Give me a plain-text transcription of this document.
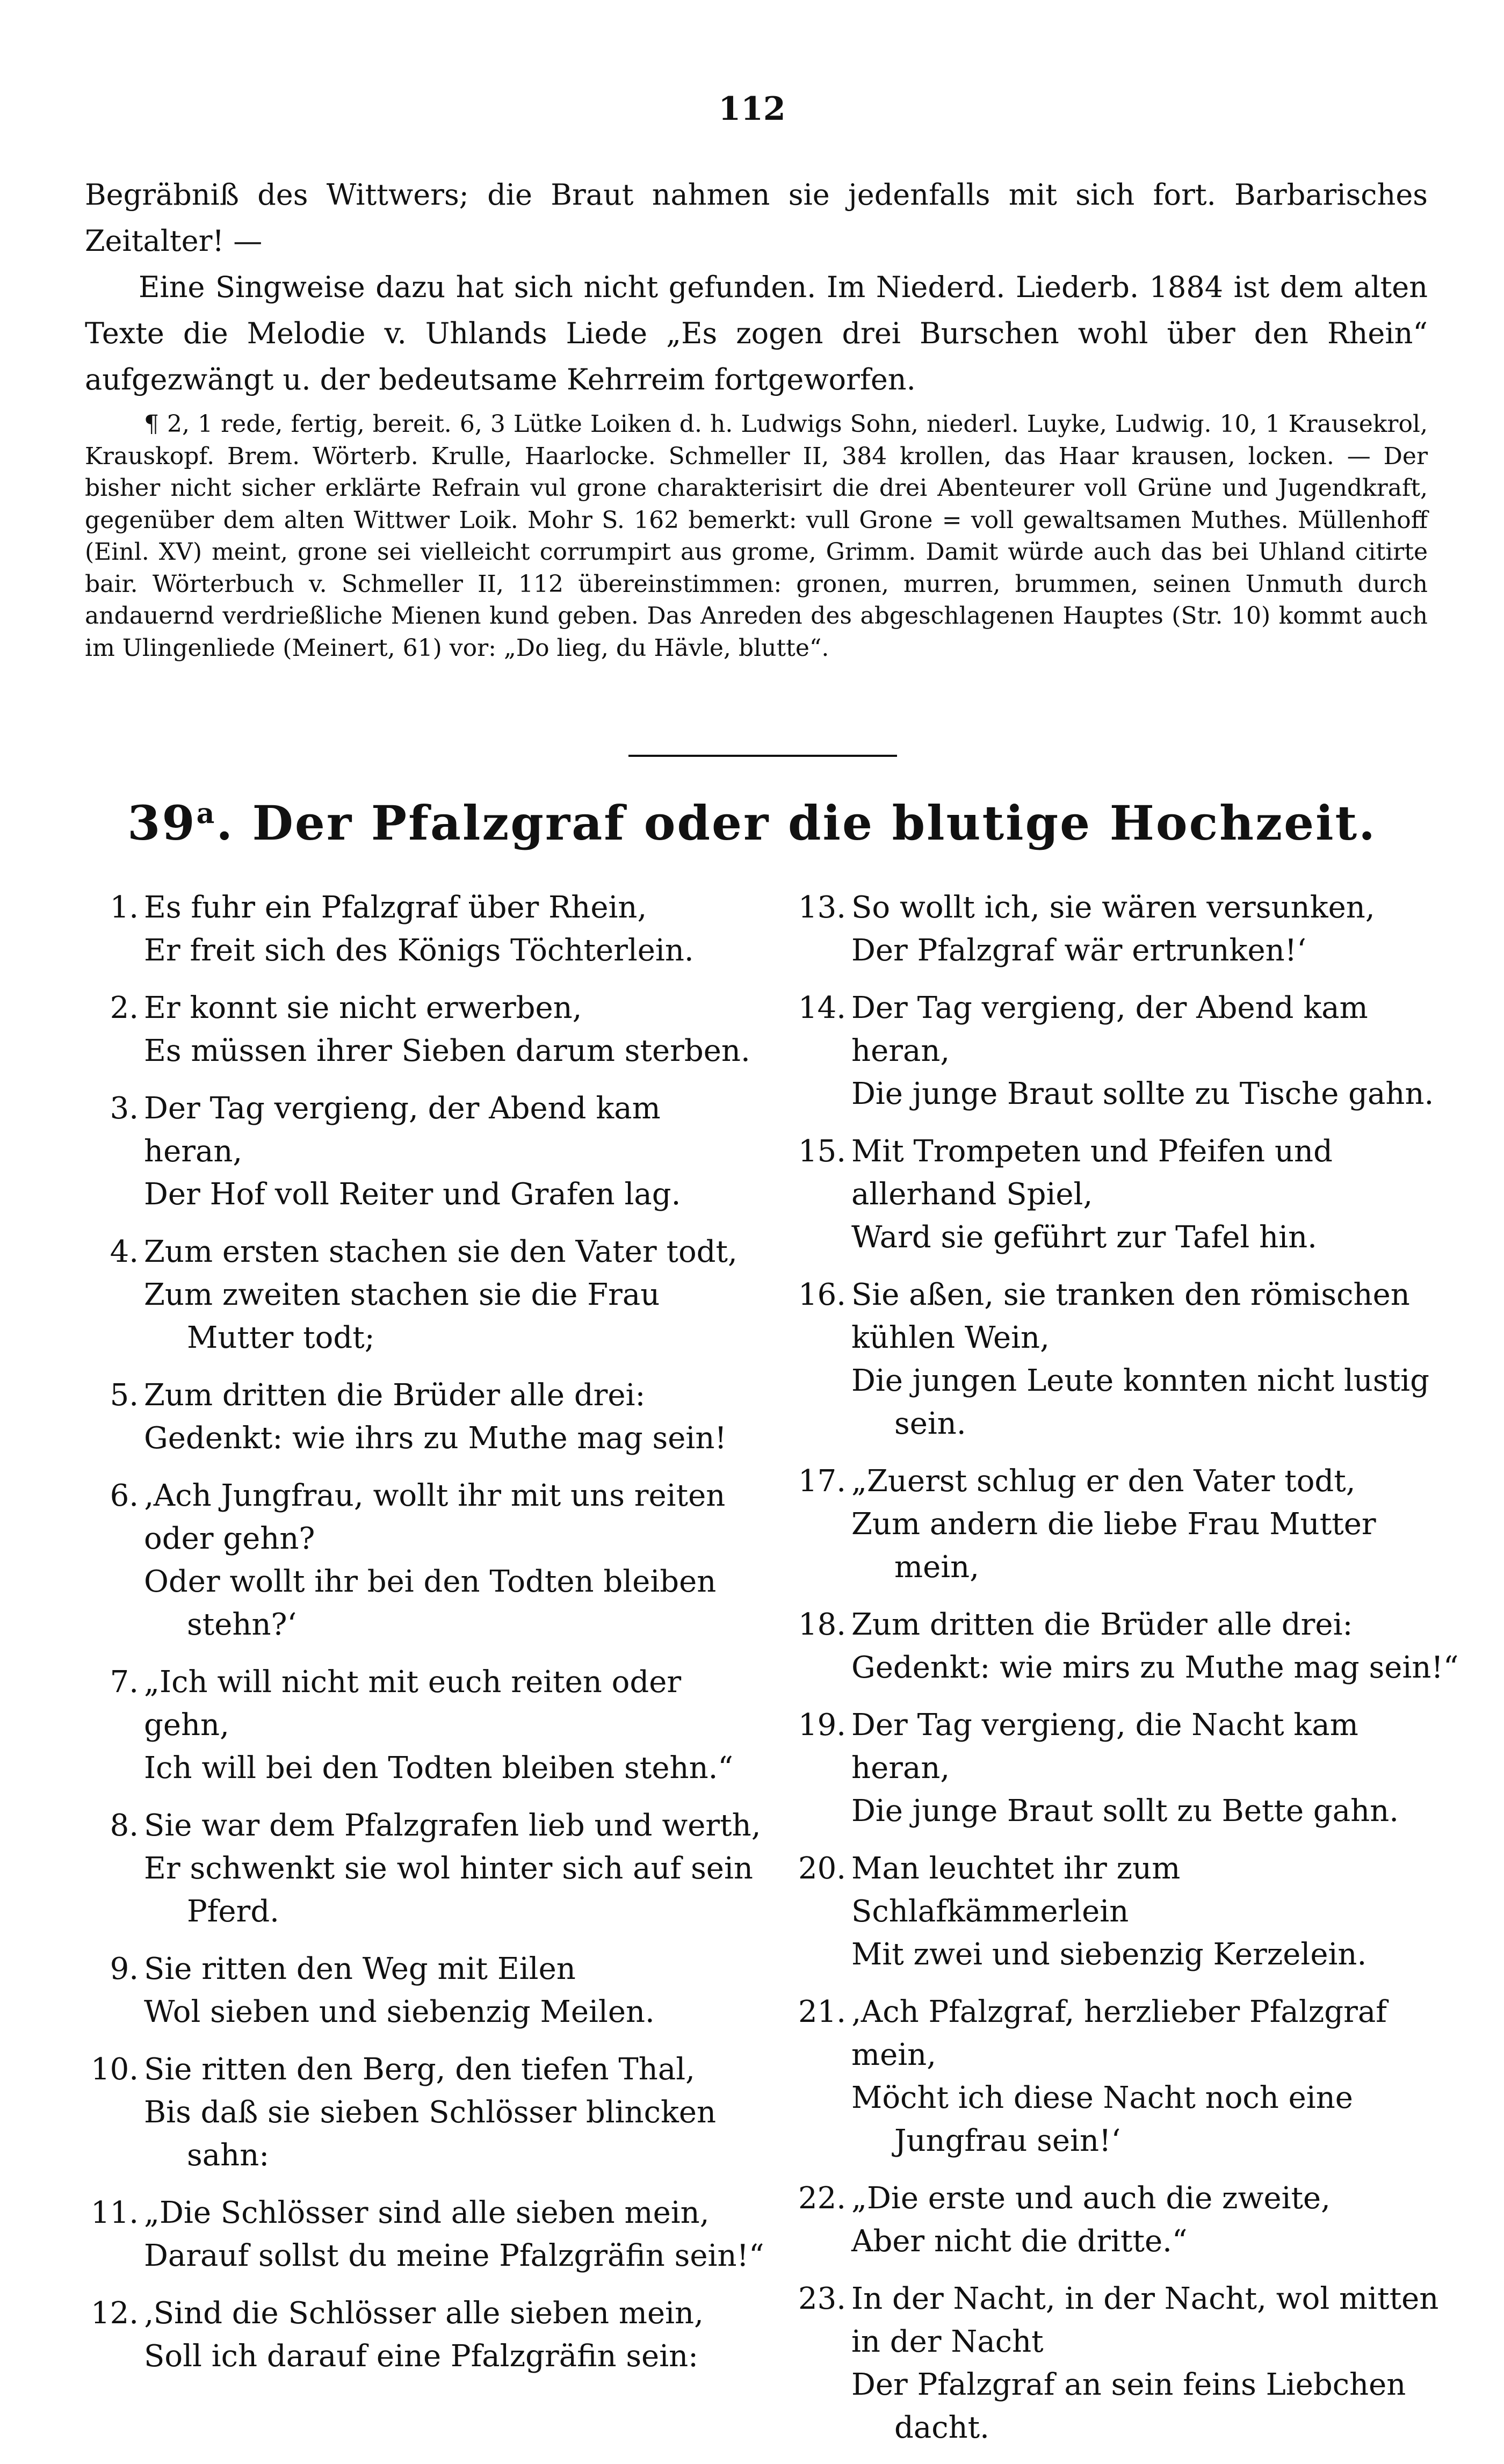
112

Begräbniß des Wittwers; die Braut nahmen sie jedenfalls mit sich fort. Barbarisches Zeitalter! —

Eine Singweise dazu hat sich nicht gefunden. Im Niederd. Liederb. 1884 ist dem alten Texte die Melodie v. Uhlands Liede „Es zogen drei Burschen wohl über den Rhein“ aufgezwängt u. der bedeutsame Kehrreim fortgeworfen.

¶ 2, 1 rede, fertig, bereit. 6, 3 Lütke Loiken d. h. Ludwigs Sohn, niederl. Luyke, Ludwig. 10, 1 Krausekrol, Krauskopf. Brem. Wörterb. Krulle, Haarlocke. Schmeller II, 384 krollen, das Haar krausen, locken. — Der bisher nicht sicher erklärte Refrain vul grone charakterisirt die drei Abenteurer voll Grüne und Jugendkraft, gegenüber dem alten Wittwer Loik. Mohr S. 162 bemerkt: vull Grone = voll gewaltsamen Muthes. Müllenhoff (Einl. XV) meint, grone sei vielleicht corrumpirt aus grome, Grimm. Damit würde auch das bei Uhland citirte bair. Wörterbuch v. Schmeller II, 112 übereinstimmen: gronen, murren, brummen, seinen Unmuth durch andauernd verdrießliche Mienen kund geben. Das Anreden des abgeschlagenen Hauptes (Str. 10) kommt auch im Ulingenliede (Meinert, 61) vor: „Do lieg, du Hävle, blutte“.

39$^a$. Der Pfalzgraf oder die blutige Hochzeit.
1. Es fuhr ein Pfalzgraf über Rhein,
Er freit sich des Königs Töchterlein.
2. Er konnt sie nicht erwerben,
Es müssen ihrer Sieben darum sterben.
3. Der Tag vergieng, der Abend kam heran,
Der Hof voll Reiter und Grafen lag.
4. Zum ersten stachen sie den Vater todt,
Zum zweiten stachen sie die Frau Mutter todt;
5. Zum dritten die Brüder alle drei:
Gedenkt: wie ihrs zu Muthe mag sein!
6. ‚Ach Jungfrau, wollt ihr mit uns reiten oder gehn?
Oder wollt ihr bei den Todten bleiben stehn?‘
7. „Ich will nicht mit euch reiten oder gehn,
Ich will bei den Todten bleiben stehn.“
8. Sie war dem Pfalzgrafen lieb und werth,
Er schwenkt sie wol hinter sich auf sein Pferd.
9. Sie ritten den Weg mit Eilen
Wol sieben und siebenzig Meilen.
10. Sie ritten den Berg, den tiefen Thal,
Bis daß sie sieben Schlösser blincken sahn:
11. „Die Schlösser sind alle sieben mein,
Darauf sollst du meine Pfalzgräfin sein!“
12. ‚Sind die Schlösser alle sieben mein,
Soll ich darauf eine Pfalzgräfin sein:
13. So wollt ich, sie wären versunken,
Der Pfalzgraf wär ertrunken!‘
14. Der Tag vergieng, der Abend kam heran,
Die junge Braut sollte zu Tische gahn.
15. Mit Trompeten und Pfeifen und allerhand Spiel,
Ward sie geführt zur Tafel hin.
16. Sie aßen, sie tranken den römischen kühlen Wein,
Die jungen Leute konnten nicht lustig sein.
17. „Zuerst schlug er den Vater todt,
Zum andern die liebe Frau Mutter mein,
18. Zum dritten die Brüder alle drei:
Gedenkt: wie mirs zu Muthe mag sein!“
19. Der Tag vergieng, die Nacht kam heran,
Die junge Braut sollt zu Bette gahn.
20. Man leuchtet ihr zum Schlafkämmerlein
Mit zwei und siebenzig Kerzelein.
21. ‚Ach Pfalzgraf, herzlieber Pfalzgraf mein,
Möcht ich diese Nacht noch eine Jungfrau sein!‘
22. „Die erste und auch die zweite,
Aber nicht die dritte.“
23. In der Nacht, in der Nacht, wol mitten in der Nacht
Der Pfalzgraf an sein feins Liebchen dacht.
